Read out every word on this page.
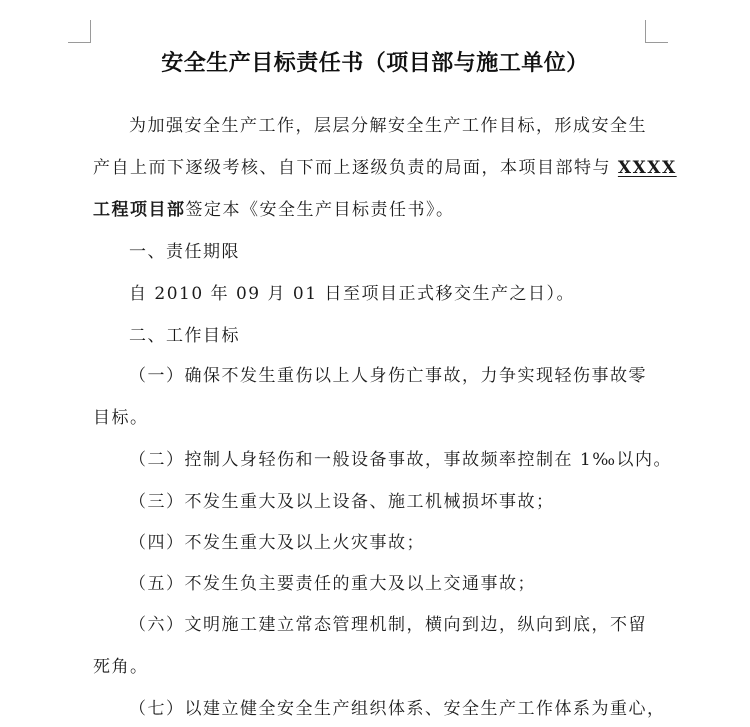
安全生产目标责任书（项目部与施工单位）
为加强安全生产工作，层层分解安全生产工作目标，形成安全生
产自上而下逐级考核、自下而上逐级负责的局面，本项目部特与 XXXX
工程项目部签定本《安全生产目标责任书》。
一、责任期限
自 2010 年 09 月 01 日至项目正式移交生产之日）。
二、工作目标
（一）确保不发生重伤以上人身伤亡事故，力争实现轻伤事故零
目标。
（二）控制人身轻伤和一般设备事故，事故频率控制在 1‰以内。
（三）不发生重大及以上设备、施工机械损坏事故；
（四）不发生重大及以上火灾事故；
（五）不发生负主要责任的重大及以上交通事故；
（六）文明施工建立常态管理机制，横向到边，纵向到底，不留
死角。
（七）以建立健全安全生产组织体系、安全生产工作体系为重心，
